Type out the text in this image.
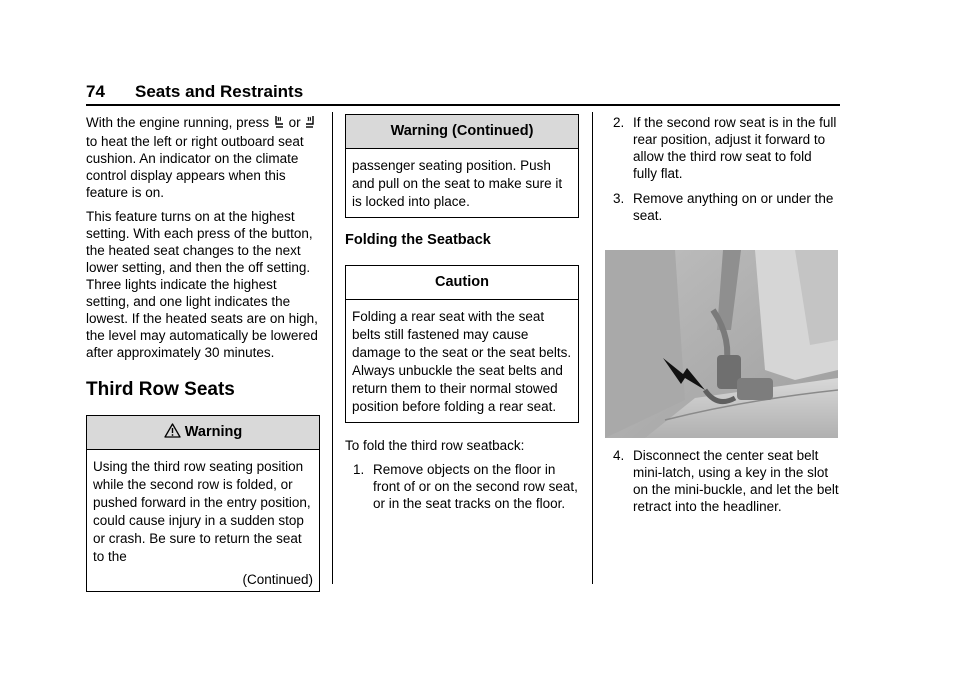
74 Seats and Restraints

With the engine running, press or  to heat the left or right outboard seat cushion. An indicator on the climate control display appears when this feature is on.

This feature turns on at the highest setting. With each press of the button, the heated seat changes to the next lower setting, and then the off setting. Three lights indicate the highest setting, and one light indicates the lowest. If the heated seats are on high, the level may automatically be lowered after approximately 30 minutes.

Third Row Seats
Warning
Using the third row seating position while the second row is folded, or pushed forward in the entry position, could cause injury in a sudden stop or crash. Be sure to return the seat to the
(Continued)
Warning (Continued)
passenger seating position. Push and pull on the seat to make sure it is locked into place.
Folding the Seatback
Caution
Folding a rear seat with the seat belts still fastened may cause damage to the seat or the seat belts. Always unbuckle the seat belts and return them to their normal stowed position before folding a rear seat.

To fold the third row seatback:

1. Remove objects on the floor in front of or on the second row seat, or in the seat tracks on the floor.
2. If the second row seat is in the full rear position, adjust it forward to allow the third row seat to fold fully flat.
3. Remove anything on or under the seat.
4. Disconnect the center seat belt mini-latch, using a key in the slot on the mini-buckle, and let the belt retract into the headliner.
